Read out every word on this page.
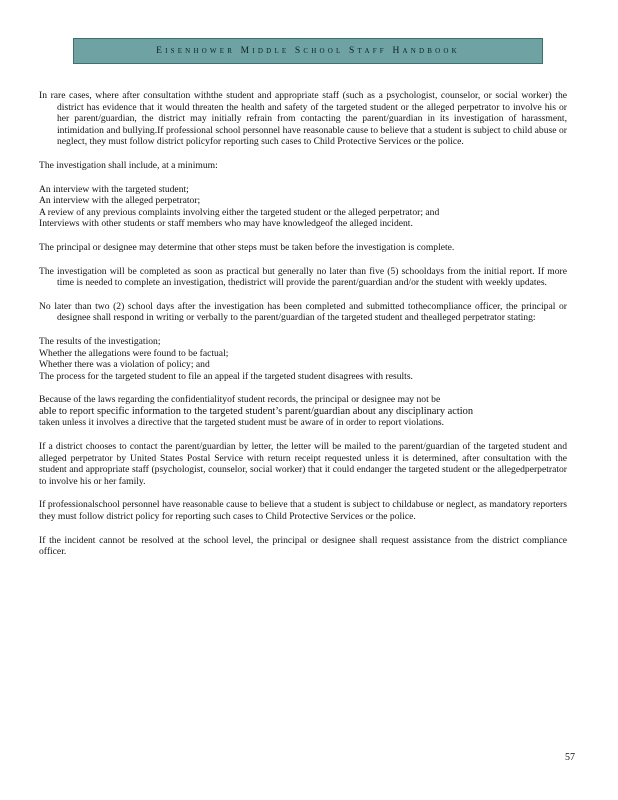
Eisenhower Middle School Staff Handbook

In rare cases, where after consultation withthe student and appropriate staff (such as a psychologist, counselor, or social worker) the district has evidence that it would threaten the health and safety of the targeted student or the alleged perpetrator to involve his or her parent/guardian, the district may initially refrain from contacting the parent/guardian in its investigation of harassment, intimidation and bullying.If professional school personnel have reasonable cause to believe that a student is subject to child abuse or neglect, they must follow district policyfor reporting such cases to Child Protective Services or the police.

The investigation shall include, at a minimum:

An interview with the targeted student;

An interview with the alleged perpetrator;

A review of any previous complaints involving either the targeted student or the alleged perpetrator; and

Interviews with other students or staff members who may have knowledgeof the alleged incident.

The principal or designee may determine that other steps must be taken before the investigation is complete.

The investigation will be completed as soon as practical but generally no later than five (5) schooldays from the initial report. If more time is needed to complete an investigation, thedistrict will provide the parent/guardian and/or the student with weekly updates.

No later than two (2) school days after the investigation has been completed and submitted tothecompliance officer, the principal or designee shall respond in writing or verbally to the parent/guardian of the targeted student and thealleged perpetrator stating:

The results of the investigation;

Whether the allegations were found to be factual;

Whether there was a violation of policy; and

The process for the targeted student to file an appeal if the targeted student disagrees with results.

Because of the laws regarding the confidentialityof student records, the principal or designee may not be
able to report specific information to the targeted student’s parent/guardian about any disciplinary action
taken unless it involves a directive that the targeted student must be aware of in order to report violations.

If a district chooses to contact the parent/guardian by letter, the letter will be mailed to the parent/guardian of the targeted student and alleged perpetrator by United States Postal Service with return receipt requested unless it is determined, after consultation with the student and appropriate staff (psychologist, counselor, social worker) that it could endanger the targeted student or the allegedperpetrator to involve his or her family.

If professionalschool personnel have reasonable cause to believe that a student is subject to childabuse or neglect, as mandatory reporters they must follow district policy for reporting such cases to Child Protective Services or the police.

If the incident cannot be resolved at the school level, the principal or designee shall request assistance from the district compliance officer.

57
